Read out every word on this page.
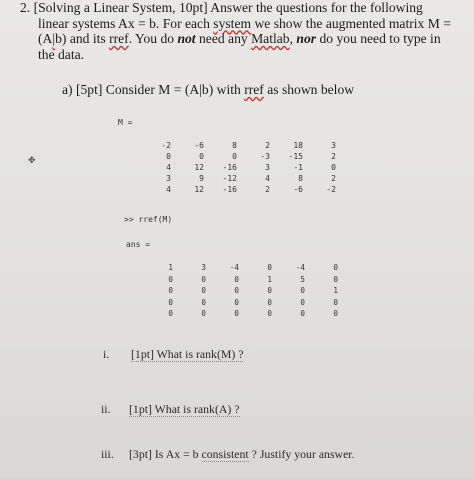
2. [Solving a Linear System, 10pt] Answer the questions for the following
linear systems Ax = b. For each system we show the augmented matrix M =
(A|b) and its rref. You do not need any Matlab, nor do you need to type in
the data.
a) [5pt] Consider M = (A|b) with rref as shown below
✥
M =
-2	-6	8	2	18	3
0	0	0	-3	-15	2
4	12	-16	3	-1	0
3	9	-12	4	8	2
4	12	-16	2	-6	-2
>> rref(M)
ans =
1	3	-4	0	-4	0
0	0	0	1	5	0
0	0	0	0	0	1
0	0	0	0	0	0
0	0	0	0	0	0
i. [1pt] What is rank(M) ?
ii. [1pt] What is rank(A) ?
iii. [3pt] Is Ax = b consistent ? Justify your answer.
